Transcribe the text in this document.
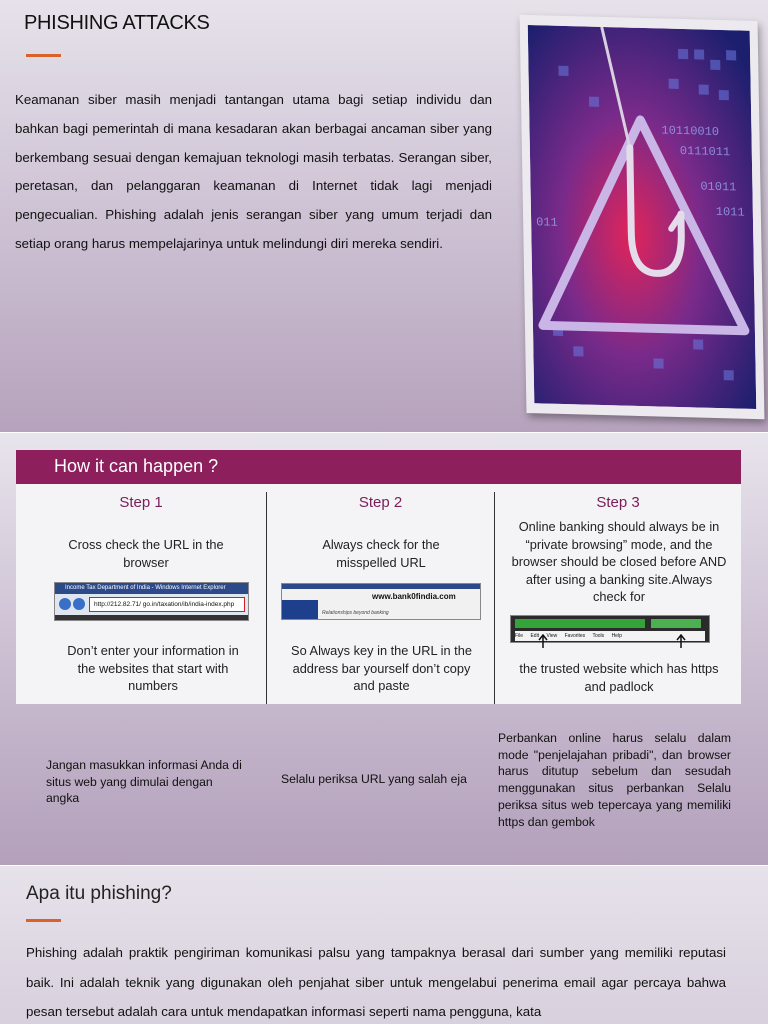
PHISHING ATTACKS
Keamanan siber masih menjadi tantangan utama bagi setiap individu dan bahkan bagi pemerintah di mana kesadaran akan berbagai ancaman siber yang berkembang sesuai dengan kemajuan teknologi masih terbatas. Serangan siber, peretasan, dan pelanggaran keamanan di Internet tidak lagi menjadi pengecualian. Phishing adalah jenis serangan siber yang umum terjadi dan setiap orang harus mempelajarinya untuk melindungi diri mereka sendiri.
10110010
0111011
01011
011
1011
How it can happen ?
Step 1
Cross check the URL in the browser
Income Tax Department of India - Windows Internet Explorer
http://212.82.71/ go.in/taxation/ib/india-index.php
Don’t enter your information in the websites that start with numbers
Step 2
Always check for the misspelled URL
www.bank0findia.com
Relationships beyond banking
So Always key in the URL in the address bar yourself don’t copy and paste
Step 3
Online banking should always be in “private browsing” mode, and the browser should be closed before AND after using a banking site.Always check for
File Edit View Favorites Tools Help
the trusted website which has https and padlock
Jangan masukkan informasi Anda di situs web yang dimulai dengan angka
Selalu periksa URL yang salah eja
Perbankan online harus selalu dalam mode "penjelajahan pribadi", dan browser harus ditutup sebelum dan sesudah menggunakan situs perbankan Selalu periksa situs web tepercaya yang memiliki https dan gembok
Apa itu phishing?
Phishing adalah praktik pengiriman komunikasi palsu yang tampaknya berasal dari sumber yang memiliki reputasi baik. Ini adalah teknik yang digunakan oleh penjahat siber untuk mengelabui penerima email agar percaya bahwa pesan tersebut adalah cara untuk mendapatkan informasi seperti nama pengguna, kata
